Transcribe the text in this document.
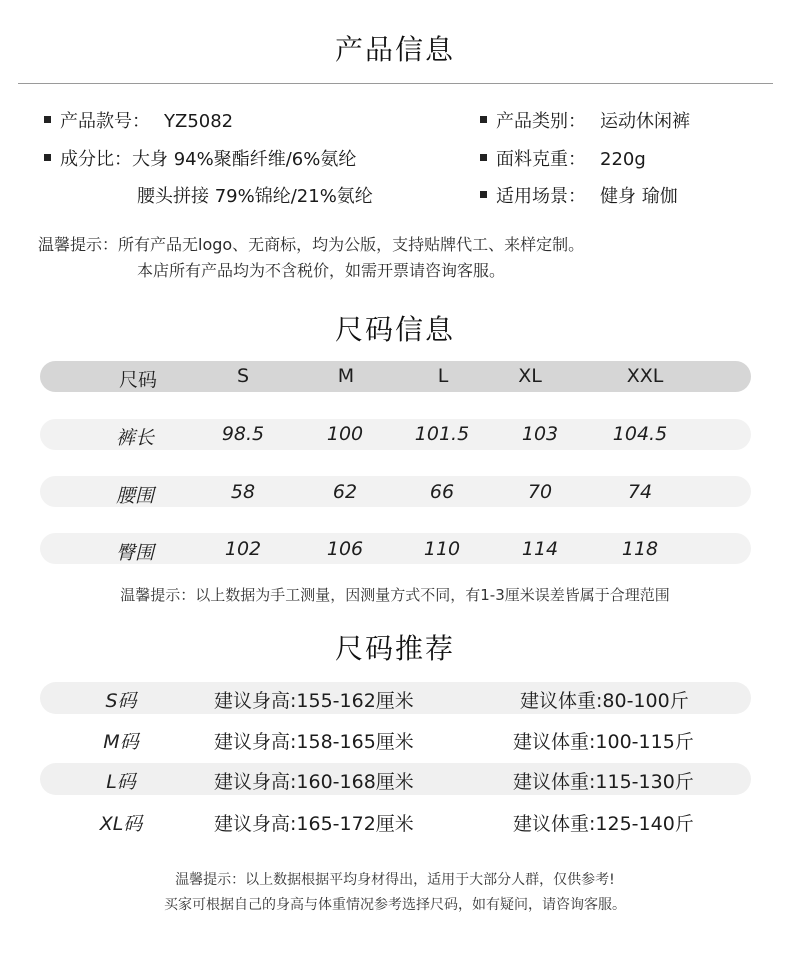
产品信息
产品款号： YZ5082
成分比：大身 94%聚酯纤维/6%氨纶
腰头拼接 79%锦纶/21%氨纶
产品类别： 运动休闲裤
面料克重： 220g
适用场景： 健身 瑜伽
温馨提示：所有产品无logo、无商标，均为公版，支持贴牌代工、来样定制。
本店所有产品均为不含税价，如需开票请咨询客服。
尺码信息
尺码	S	M	L	XL	XXL
裤长	98.5	100	101.5	103	104.5
腰围	58	62	66	70	74
臀围	102	106	110	114	118
温馨提示：以上数据为手工测量，因测量方式不同，有1-3厘米误差皆属于合理范围
尺码推荐
S码	建议身高:155-162厘米	建议体重:80-100斤
M码	建议身高:158-165厘米	建议体重:100-115斤
L码	建议身高:160-168厘米	建议体重:115-130斤
XL码	建议身高:165-172厘米	建议体重:125-140斤
温馨提示：以上数据根据平均身材得出，适用于大部分人群，仅供参考!
买家可根据自己的身高与体重情况参考选择尺码，如有疑问，请咨询客服。
